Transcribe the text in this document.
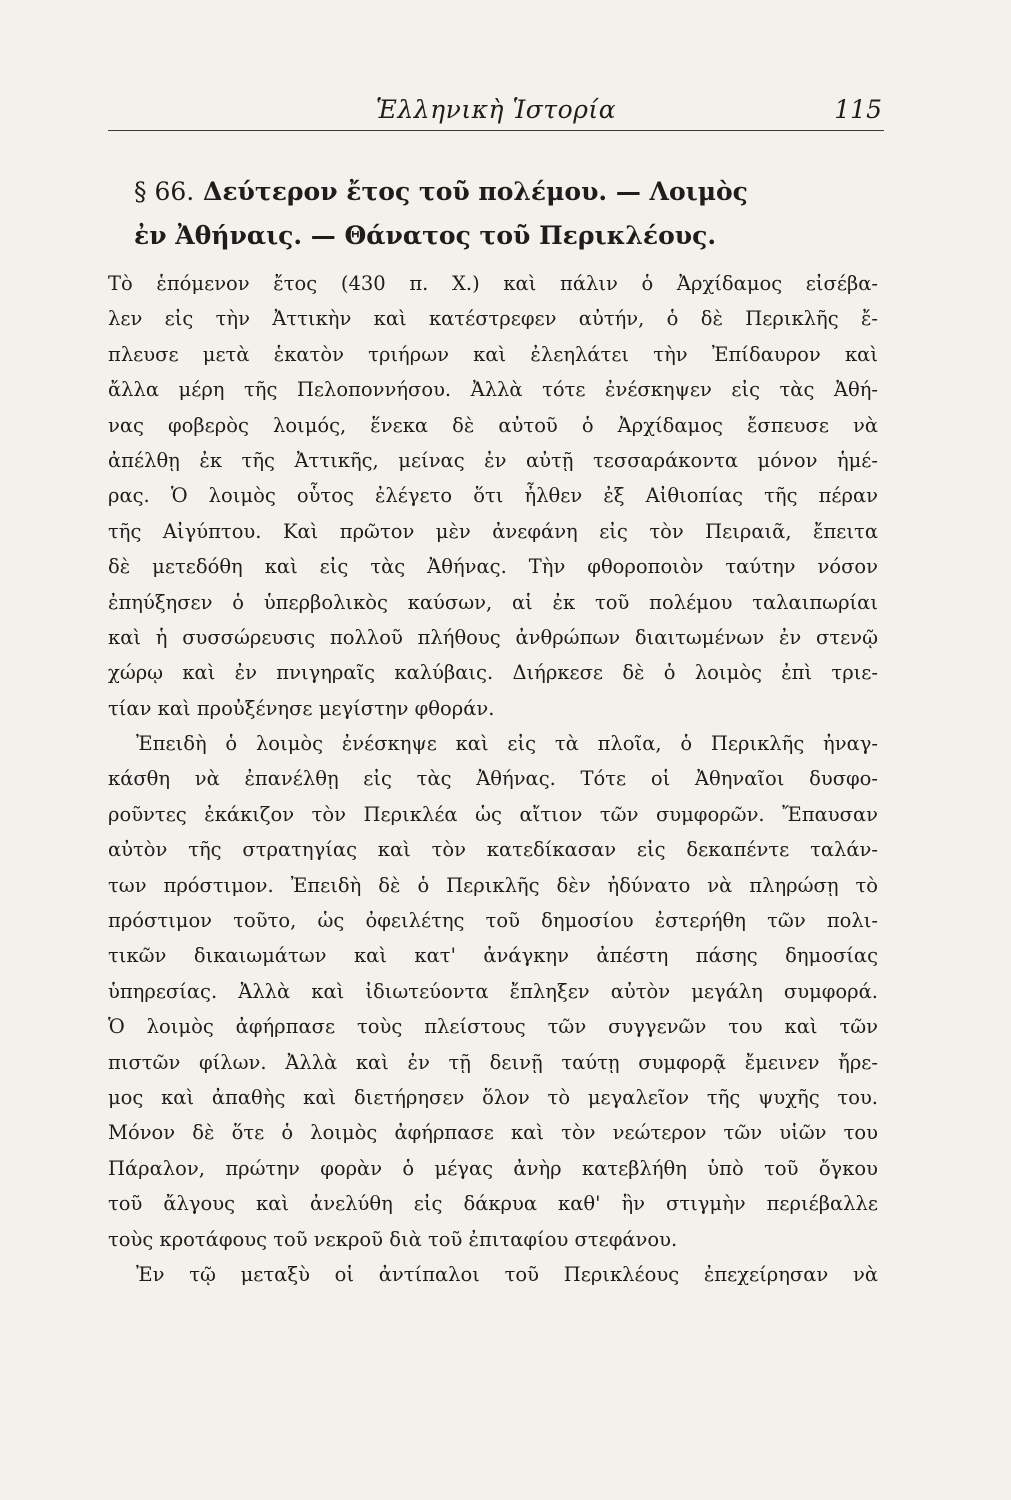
Ἑλληνικὴ Ἱστορία	115
§ 66. Δεύτερον ἔτος τοῦ πολέμου. — Λοιμὸς
ἐν Ἀθήναις. — Θάνατος τοῦ Περικλέους.
Τὸ ἑπόμενον ἔτος (430 π. Χ.) καὶ πάλιν ὁ Ἀρχίδαμος εἰσέβα-
λεν εἰς τὴν Ἀττικὴν καὶ κατέστρεφεν αὐτήν, ὁ δὲ Περικλῆς ἔ-
πλευσε μετὰ ἑκατὸν τριήρων καὶ ἐλεηλάτει τὴν Ἐπίδαυρον καὶ
ἄλλα μέρη τῆς Πελοποννήσου. Ἀλλὰ τότε ἐνέσκηψεν εἰς τὰς Ἀθή-
νας φοβερὸς λοιμός, ἕνεκα δὲ αὐτοῦ ὁ Ἀρχίδαμος ἔσπευσε νὰ
ἀπέλθῃ ἐκ τῆς Ἀττικῆς, μείνας ἐν αὐτῇ τεσσαράκοντα μόνον ἡμέ-
ρας. Ὁ λοιμὸς οὗτος ἐλέγετο ὅτι ἦλθεν ἐξ Αἰθιοπίας τῆς πέραν
τῆς Αἰγύπτου. Καὶ πρῶτον μὲν ἀνεφάνη εἰς τὸν Πειραιᾶ, ἔπειτα
δὲ μετεδόθη καὶ εἰς τὰς Ἀθήνας. Τὴν φθοροποιὸν ταύτην νόσον
ἐπηύξησεν ὁ ὑπερβολικὸς καύσων, αἱ ἐκ τοῦ πολέμου ταλαιπωρίαι
καὶ ἡ συσσώρευσις πολλοῦ πλήθους ἀνθρώπων διαιτωμένων ἐν στενῷ
χώρῳ καὶ ἐν πνιγηραῖς καλύβαις. Διήρκεσε δὲ ὁ λοιμὸς ἐπὶ τριε-
τίαν καὶ προὐξένησε μεγίστην φθοράν.
Ἐπειδὴ ὁ λοιμὸς ἐνέσκηψε καὶ εἰς τὰ πλοῖα, ὁ Περικλῆς ἠναγ-
κάσθη νὰ ἐπανέλθῃ εἰς τὰς Ἀθήνας. Τότε οἱ Ἀθηναῖοι δυσφο-
ροῦντες ἐκάκιζον τὸν Περικλέα ὡς αἴτιον τῶν συμφορῶν. Ἔπαυσαν
αὐτὸν τῆς στρατηγίας καὶ τὸν κατεδίκασαν εἰς δεκαπέντε ταλάν-
των πρόστιμον. Ἐπειδὴ δὲ ὁ Περικλῆς δὲν ἠδύνατο νὰ πληρώσῃ τὸ
πρόστιμον τοῦτο, ὡς ὀφειλέτης τοῦ δημοσίου ἐστερήθη τῶν πολι-
τικῶν δικαιωμάτων καὶ κατ' ἀνάγκην ἀπέστη πάσης δημοσίας
ὑπηρεσίας. Ἀλλὰ καὶ ἰδιωτεύοντα ἔπληξεν αὐτὸν μεγάλη συμφορά.
Ὁ λοιμὸς ἀφήρπασε τοὺς πλείστους τῶν συγγενῶν του καὶ τῶν
πιστῶν φίλων. Ἀλλὰ καὶ ἐν τῇ δεινῇ ταύτῃ συμφορᾷ ἔμεινεν ἤρε-
μος καὶ ἀπαθὴς καὶ διετήρησεν ὅλον τὸ μεγαλεῖον τῆς ψυχῆς του.
Μόνον δὲ ὅτε ὁ λοιμὸς ἀφήρπασε καὶ τὸν νεώτερον τῶν υἱῶν του
Πάραλον, πρώτην φορὰν ὁ μέγας ἀνὴρ κατεβλήθη ὑπὸ τοῦ ὄγκου
τοῦ ἄλγους καὶ ἀνελύθη εἰς δάκρυα καθ' ἣν στιγμὴν περιέβαλλε
τοὺς κροτάφους τοῦ νεκροῦ διὰ τοῦ ἐπιταφίου στεφάνου.
Ἐν τῷ μεταξὺ οἱ ἀντίπαλοι τοῦ Περικλέους ἐπεχείρησαν νὰ
